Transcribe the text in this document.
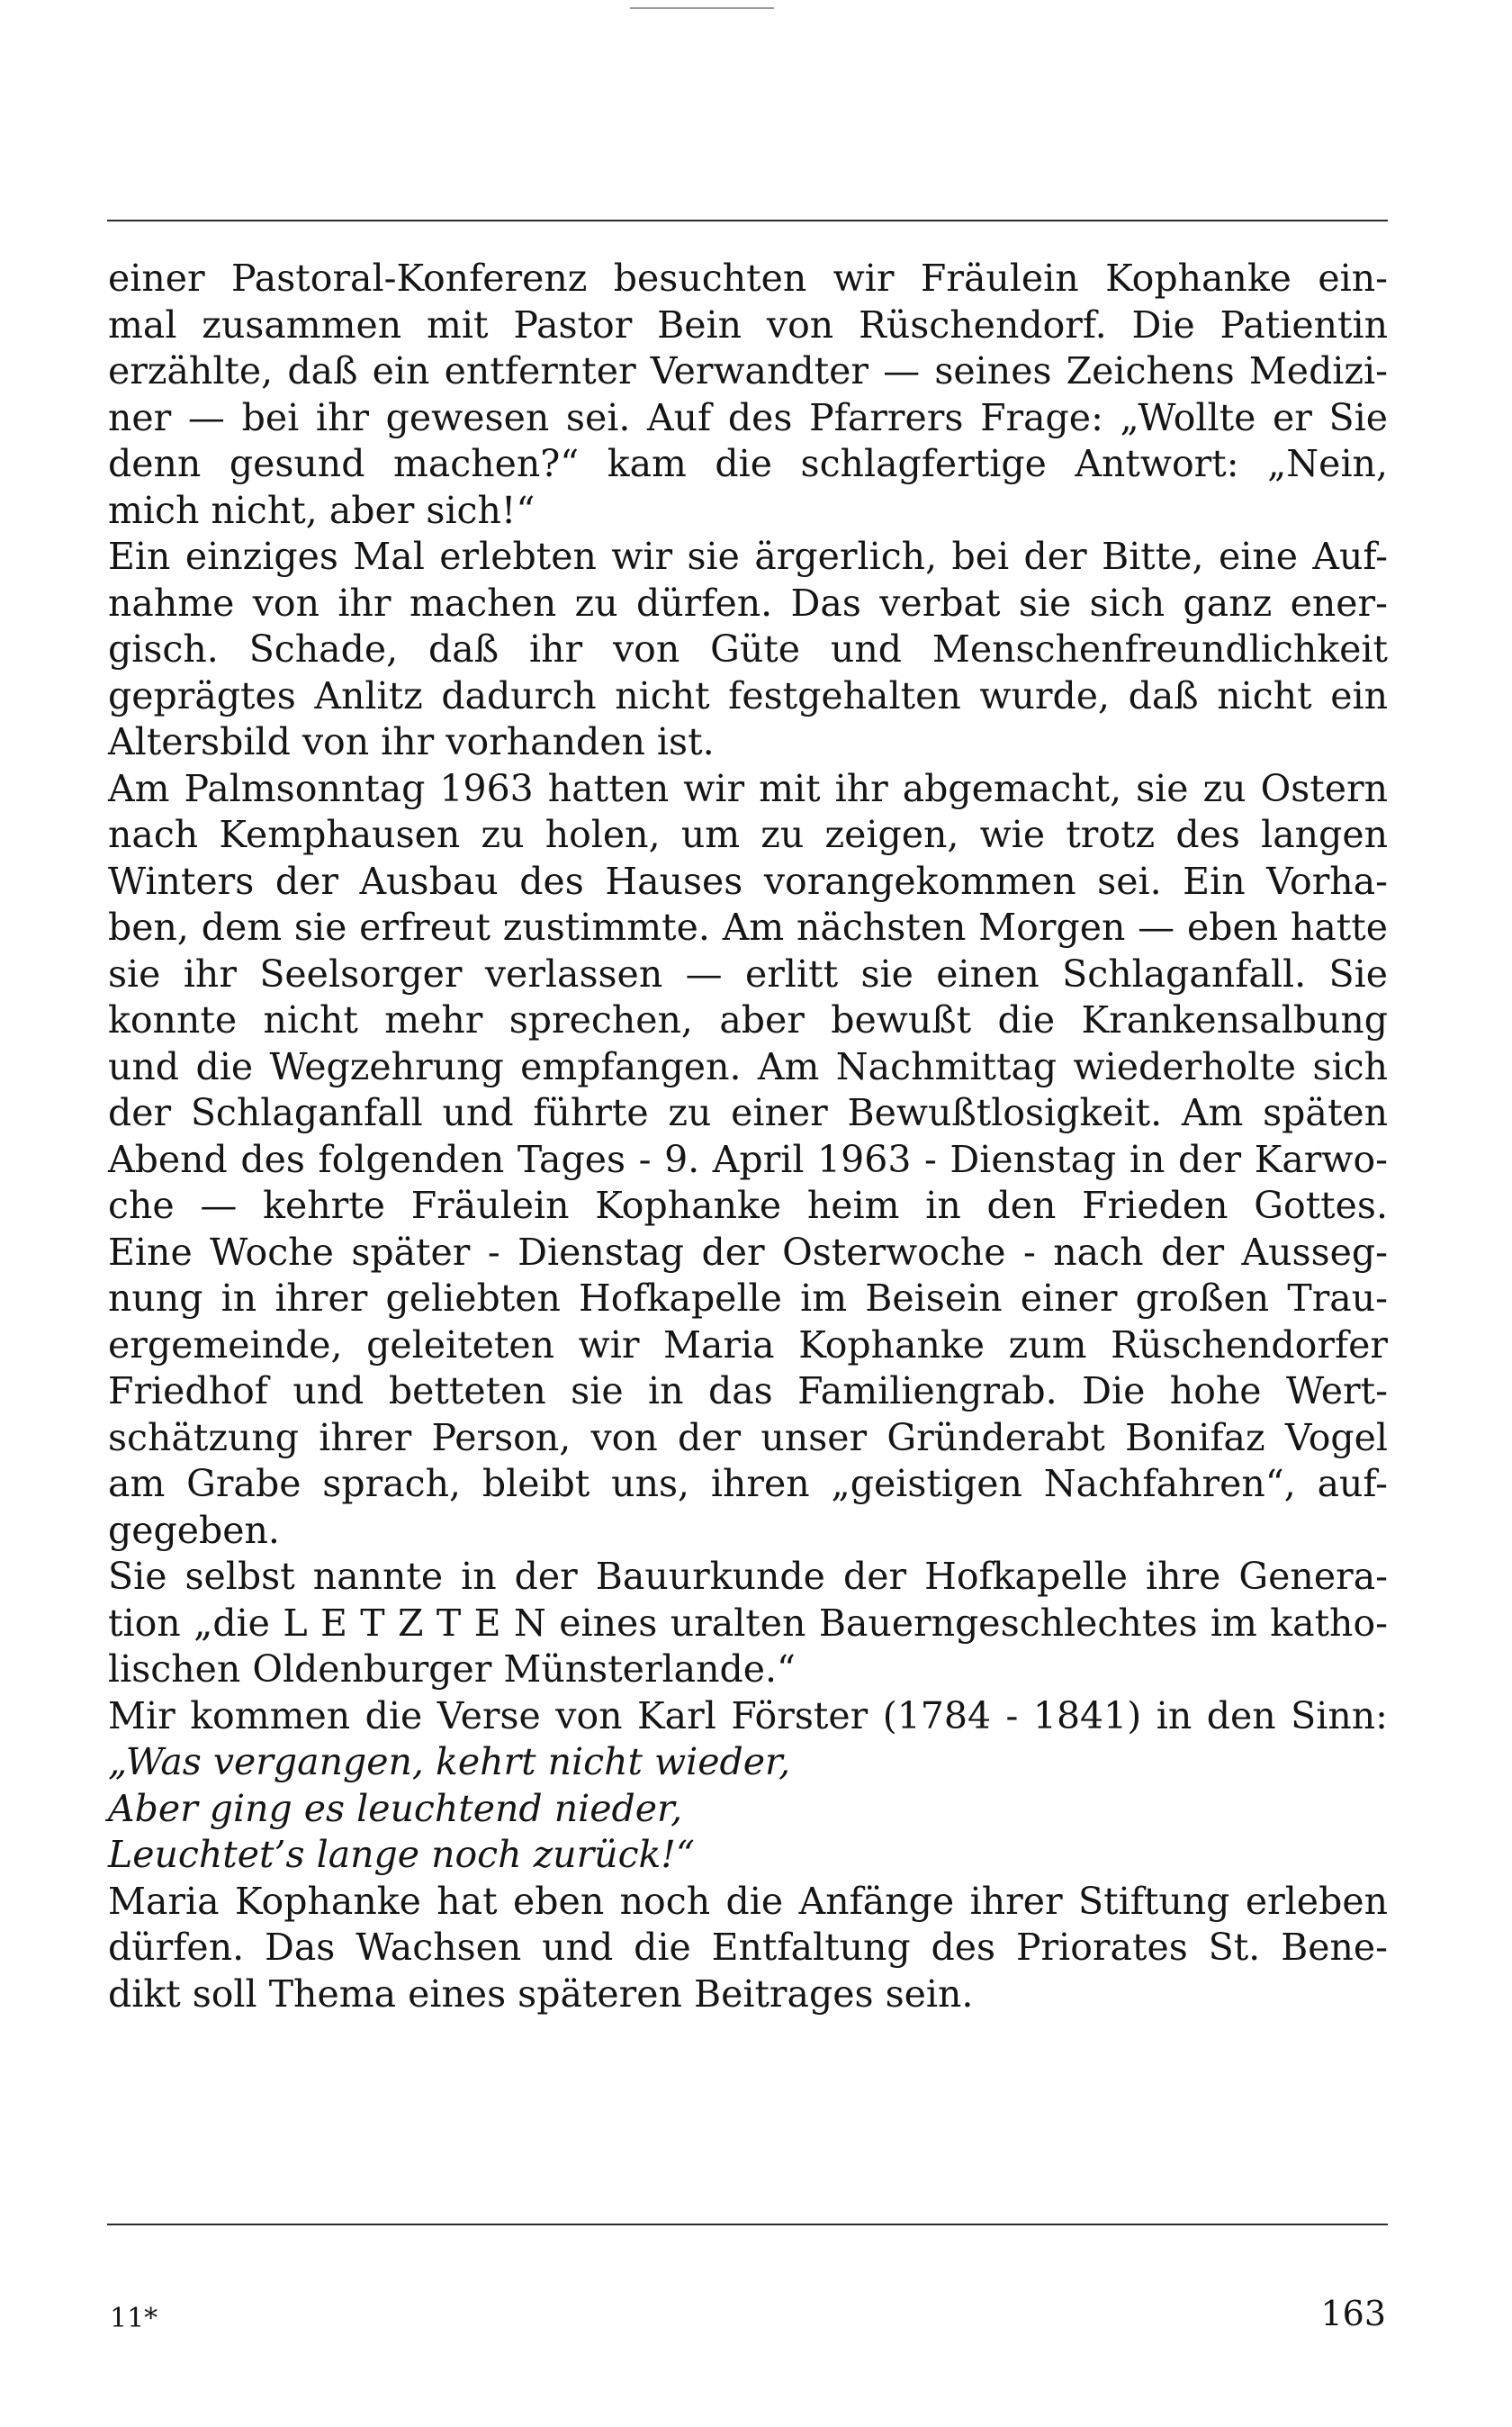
einer Pastoral-Konferenz besuchten wir Fräulein Kophanke ein-
mal zusammen mit Pastor Bein von Rüschendorf. Die Patientin
erzählte, daß ein entfernter Verwandter — seines Zeichens Medizi-
ner — bei ihr gewesen sei. Auf des Pfarrers Frage: „Wollte er Sie
denn gesund machen?“ kam die schlagfertige Antwort: „Nein,
mich nicht, aber sich!“
Ein einziges Mal erlebten wir sie ärgerlich, bei der Bitte, eine Auf-
nahme von ihr machen zu dürfen. Das verbat sie sich ganz ener-
gisch. Schade, daß ihr von Güte und Menschenfreundlichkeit
geprägtes Anlitz dadurch nicht festgehalten wurde, daß nicht ein
Altersbild von ihr vorhanden ist.
Am Palmsonntag 1963 hatten wir mit ihr abgemacht, sie zu Ostern
nach Kemphausen zu holen, um zu zeigen, wie trotz des langen
Winters der Ausbau des Hauses vorangekommen sei. Ein Vorha-
ben, dem sie erfreut zustimmte. Am nächsten Morgen — eben hatte
sie ihr Seelsorger verlassen — erlitt sie einen Schlaganfall. Sie
konnte nicht mehr sprechen, aber bewußt die Krankensalbung
und die Wegzehrung empfangen. Am Nachmittag wiederholte sich
der Schlaganfall und führte zu einer Bewußtlosigkeit. Am späten
Abend des folgenden Tages - 9. April 1963 - Dienstag in der Karwo-
che — kehrte Fräulein Kophanke heim in den Frieden Gottes.
Eine Woche später - Dienstag der Osterwoche - nach der Ausseg-
nung in ihrer geliebten Hofkapelle im Beisein einer großen Trau-
ergemeinde, geleiteten wir Maria Kophanke zum Rüschendorfer
Friedhof und betteten sie in das Familiengrab. Die hohe Wert-
schätzung ihrer Person, von der unser Gründerabt Bonifaz Vogel
am Grabe sprach, bleibt uns, ihren „geistigen Nachfahren“, auf-
gegeben.
Sie selbst nannte in der Bauurkunde der Hofkapelle ihre Genera-
tion „die L E T Z T E N eines uralten Bauerngeschlechtes im katho-
lischen Oldenburger Münsterlande.“
Mir kommen die Verse von Karl Förster (1784 - 1841) in den Sinn:
„Was vergangen, kehrt nicht wieder,
Aber ging es leuchtend nieder,
Leuchtet’s lange noch zurück!“
Maria Kophanke hat eben noch die Anfänge ihrer Stiftung erleben
dürfen. Das Wachsen und die Entfaltung des Priorates St. Bene-
dikt soll Thema eines späteren Beitrages sein.
11*	163
